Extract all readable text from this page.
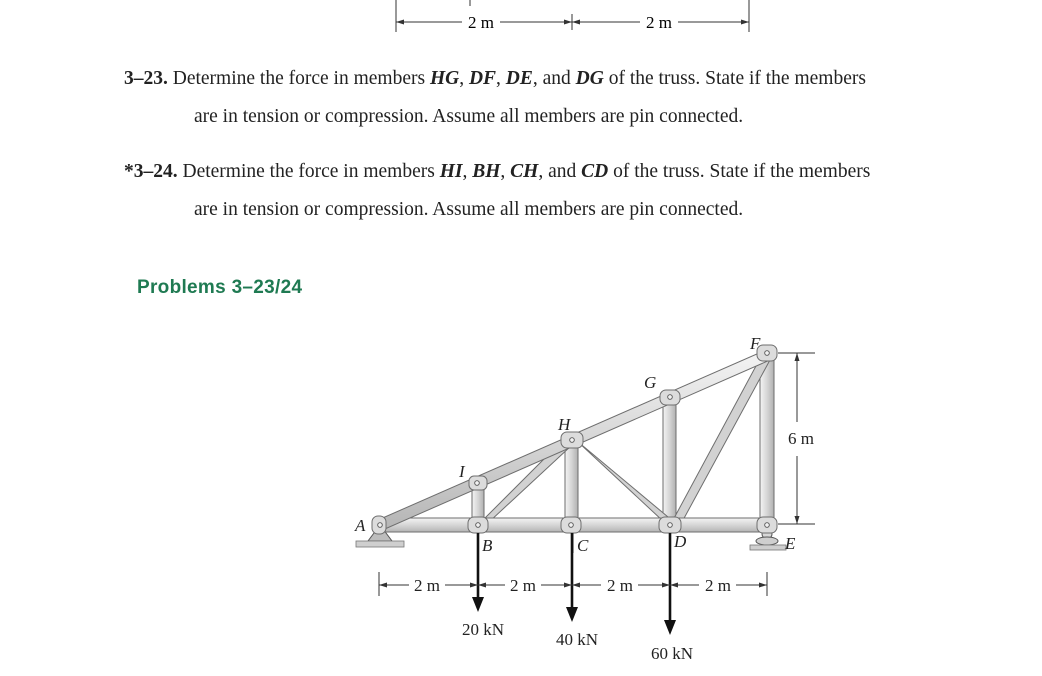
2 m	2 m
3–23. Determine the force in members HG, DF, DE, and DG of the truss. State if the members
are in tension or compression. Assume all members are pin connected.
*3–24. Determine the force in members HI, BH, CH, and CD of the truss. State if the members
are in tension or compression. Assume all members are pin connected.
Problems 3–23/24
A
B	C	D	E
F
G
H
I
20 kN
40 kN
60 kN
2 m	2 m	2 m	2 m
6 m
